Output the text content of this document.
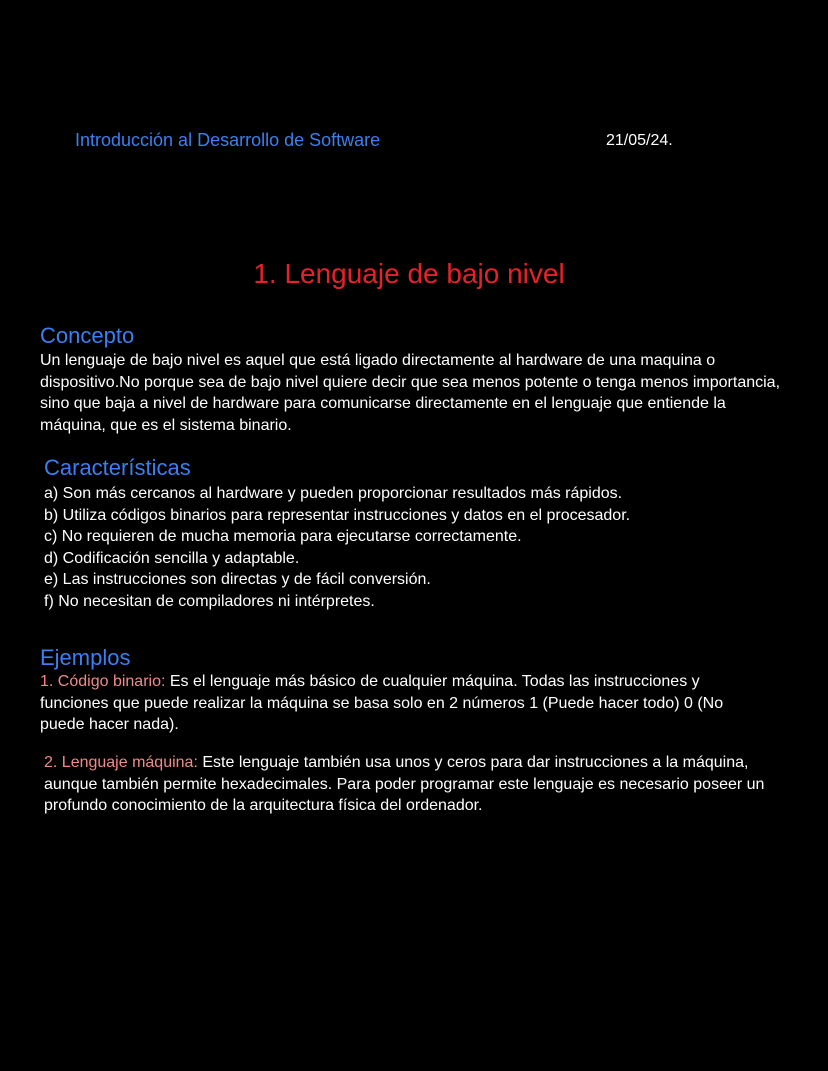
Introducción al Desarrollo de Software	21/05/24.
1. Lenguaje de bajo nivel
Concepto

Un lenguaje de bajo nivel es aquel que está ligado directamente al hardware de una maquina o dispositivo.No porque sea de bajo nivel quiere decir que sea menos potente o tenga menos importancia, sino que baja a nivel de hardware para comunicarse directamente en el lenguaje que entiende la máquina, que es el sistema binario.

Características
a) Son más cercanos al hardware y pueden proporcionar resultados más rápidos.
b) Utiliza códigos binarios para representar instrucciones y datos en el procesador.
c) No requieren de mucha memoria para ejecutarse correctamente.
d) Codificación sencilla y adaptable.
e) Las instrucciones son directas y de fácil conversión.
f) No necesitan de compiladores ni intérpretes.
Ejemplos

1. Código binario: Es el lenguaje más básico de cualquier máquina. Todas las instrucciones y funciones que puede realizar la máquina se basa solo en 2 números 1 (Puede hacer todo) 0 (No puede hacer nada).

2. Lenguaje máquina: Este lenguaje también usa unos y ceros para dar instrucciones a la máquina, aunque también permite hexadecimales. Para poder programar este lenguaje es necesario poseer un profundo conocimiento de la arquitectura física del ordenador.
